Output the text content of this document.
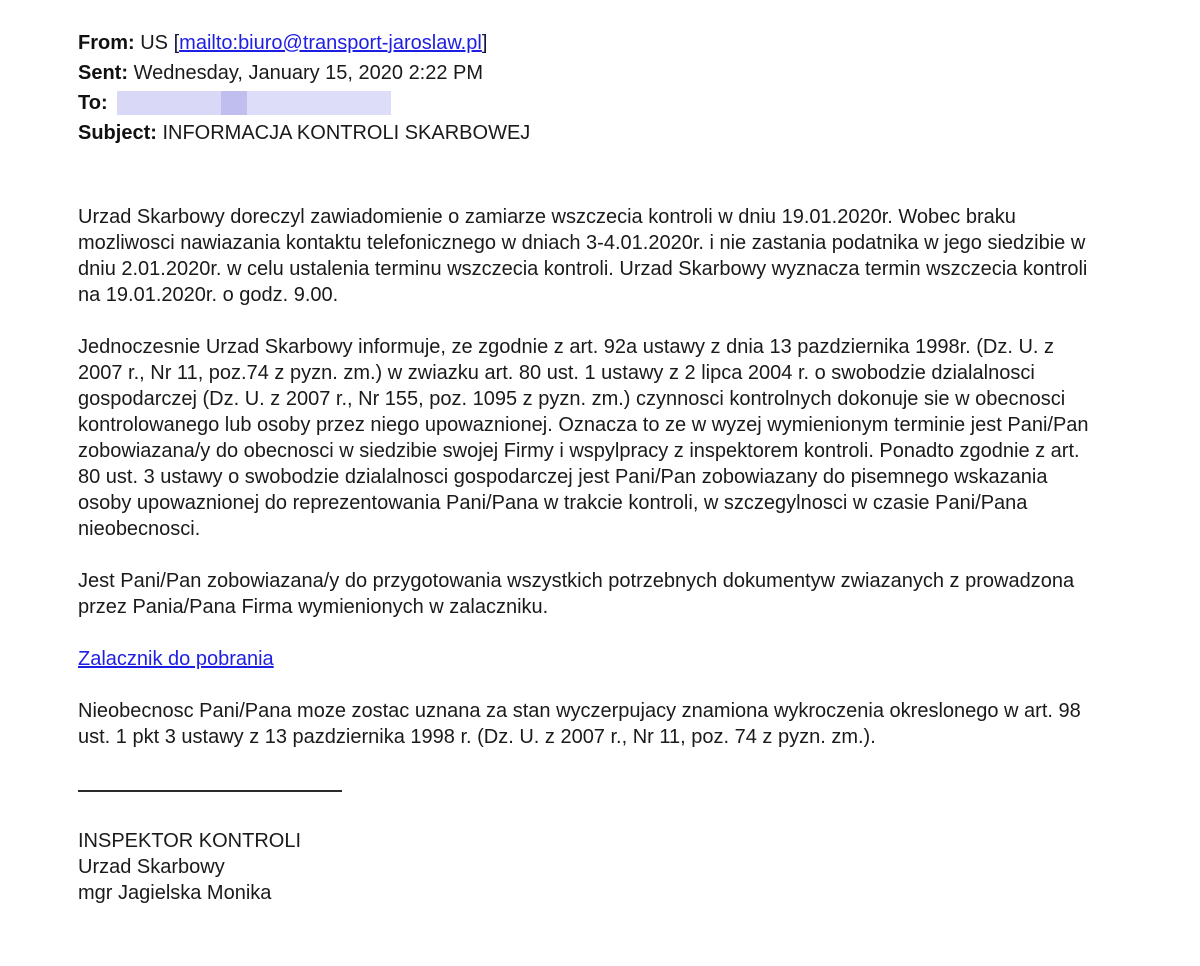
From: US [mailto:biuro@transport-jaroslaw.pl]
Sent: Wednesday, January 15, 2020 2:22 PM
To:
Subject: INFORMACJA KONTROLI SKARBOWEJ

Urzad Skarbowy doreczyl zawiadomienie o zamiarze wszczecia kontroli w dniu 19.01.2020r. Wobec braku mozliwosci nawiazania kontaktu telefonicznego w dniach 3-4.01.2020r. i nie zastania podatnika w jego siedzibie w dniu 2.01.2020r. w celu ustalenia terminu wszczecia kontroli. Urzad Skarbowy wyznacza termin wszczecia kontroli na 19.01.2020r. o godz. 9.00.

Jednoczesnie Urzad Skarbowy informuje, ze zgodnie z art. 92a ustawy z dnia 13 pazdziernika 1998r. (Dz. U. z 2007 r., Nr 11, poz.74 z pyzn. zm.) w zwiazku art. 80 ust. 1 ustawy z 2 lipca 2004 r. o swobodzie dzialalnosci gospodarczej (Dz. U. z 2007 r., Nr 155, poz. 1095 z pyzn. zm.) czynnosci kontrolnych dokonuje sie w obecnosci kontrolowanego lub osoby przez niego upowaznionej. Oznacza to ze w wyzej wymienionym terminie jest Pani/Pan zobowiazana/y do obecnosci w siedzibie swojej Firmy i wspylpracy z inspektorem kontroli. Ponadto zgodnie z art. 80 ust. 3 ustawy o swobodzie dzialalnosci gospodarczej jest Pani/Pan zobowiazany do pisemnego wskazania osoby upowaznionej do reprezentowania Pani/Pana w trakcie kontroli, w szczegylnosci w czasie Pani/Pana nieobecnosci.

Jest Pani/Pan zobowiazana/y do przygotowania wszystkich potrzebnych dokumentyw zwiazanych z prowadzona przez Pania/Pana Firma wymienionych w zalaczniku.

Zalacznik do pobrania

Nieobecnosc Pani/Pana moze zostac uznana za stan wyczerpujacy znamiona wykroczenia okreslonego w art. 98 ust. 1 pkt 3 ustawy z 13 pazdziernika 1998 r. (Dz. U. z 2007 r., Nr 11, poz. 74 z pyzn. zm.).

INSPEKTOR KONTROLI
Urzad Skarbowy
mgr Jagielska Monika
